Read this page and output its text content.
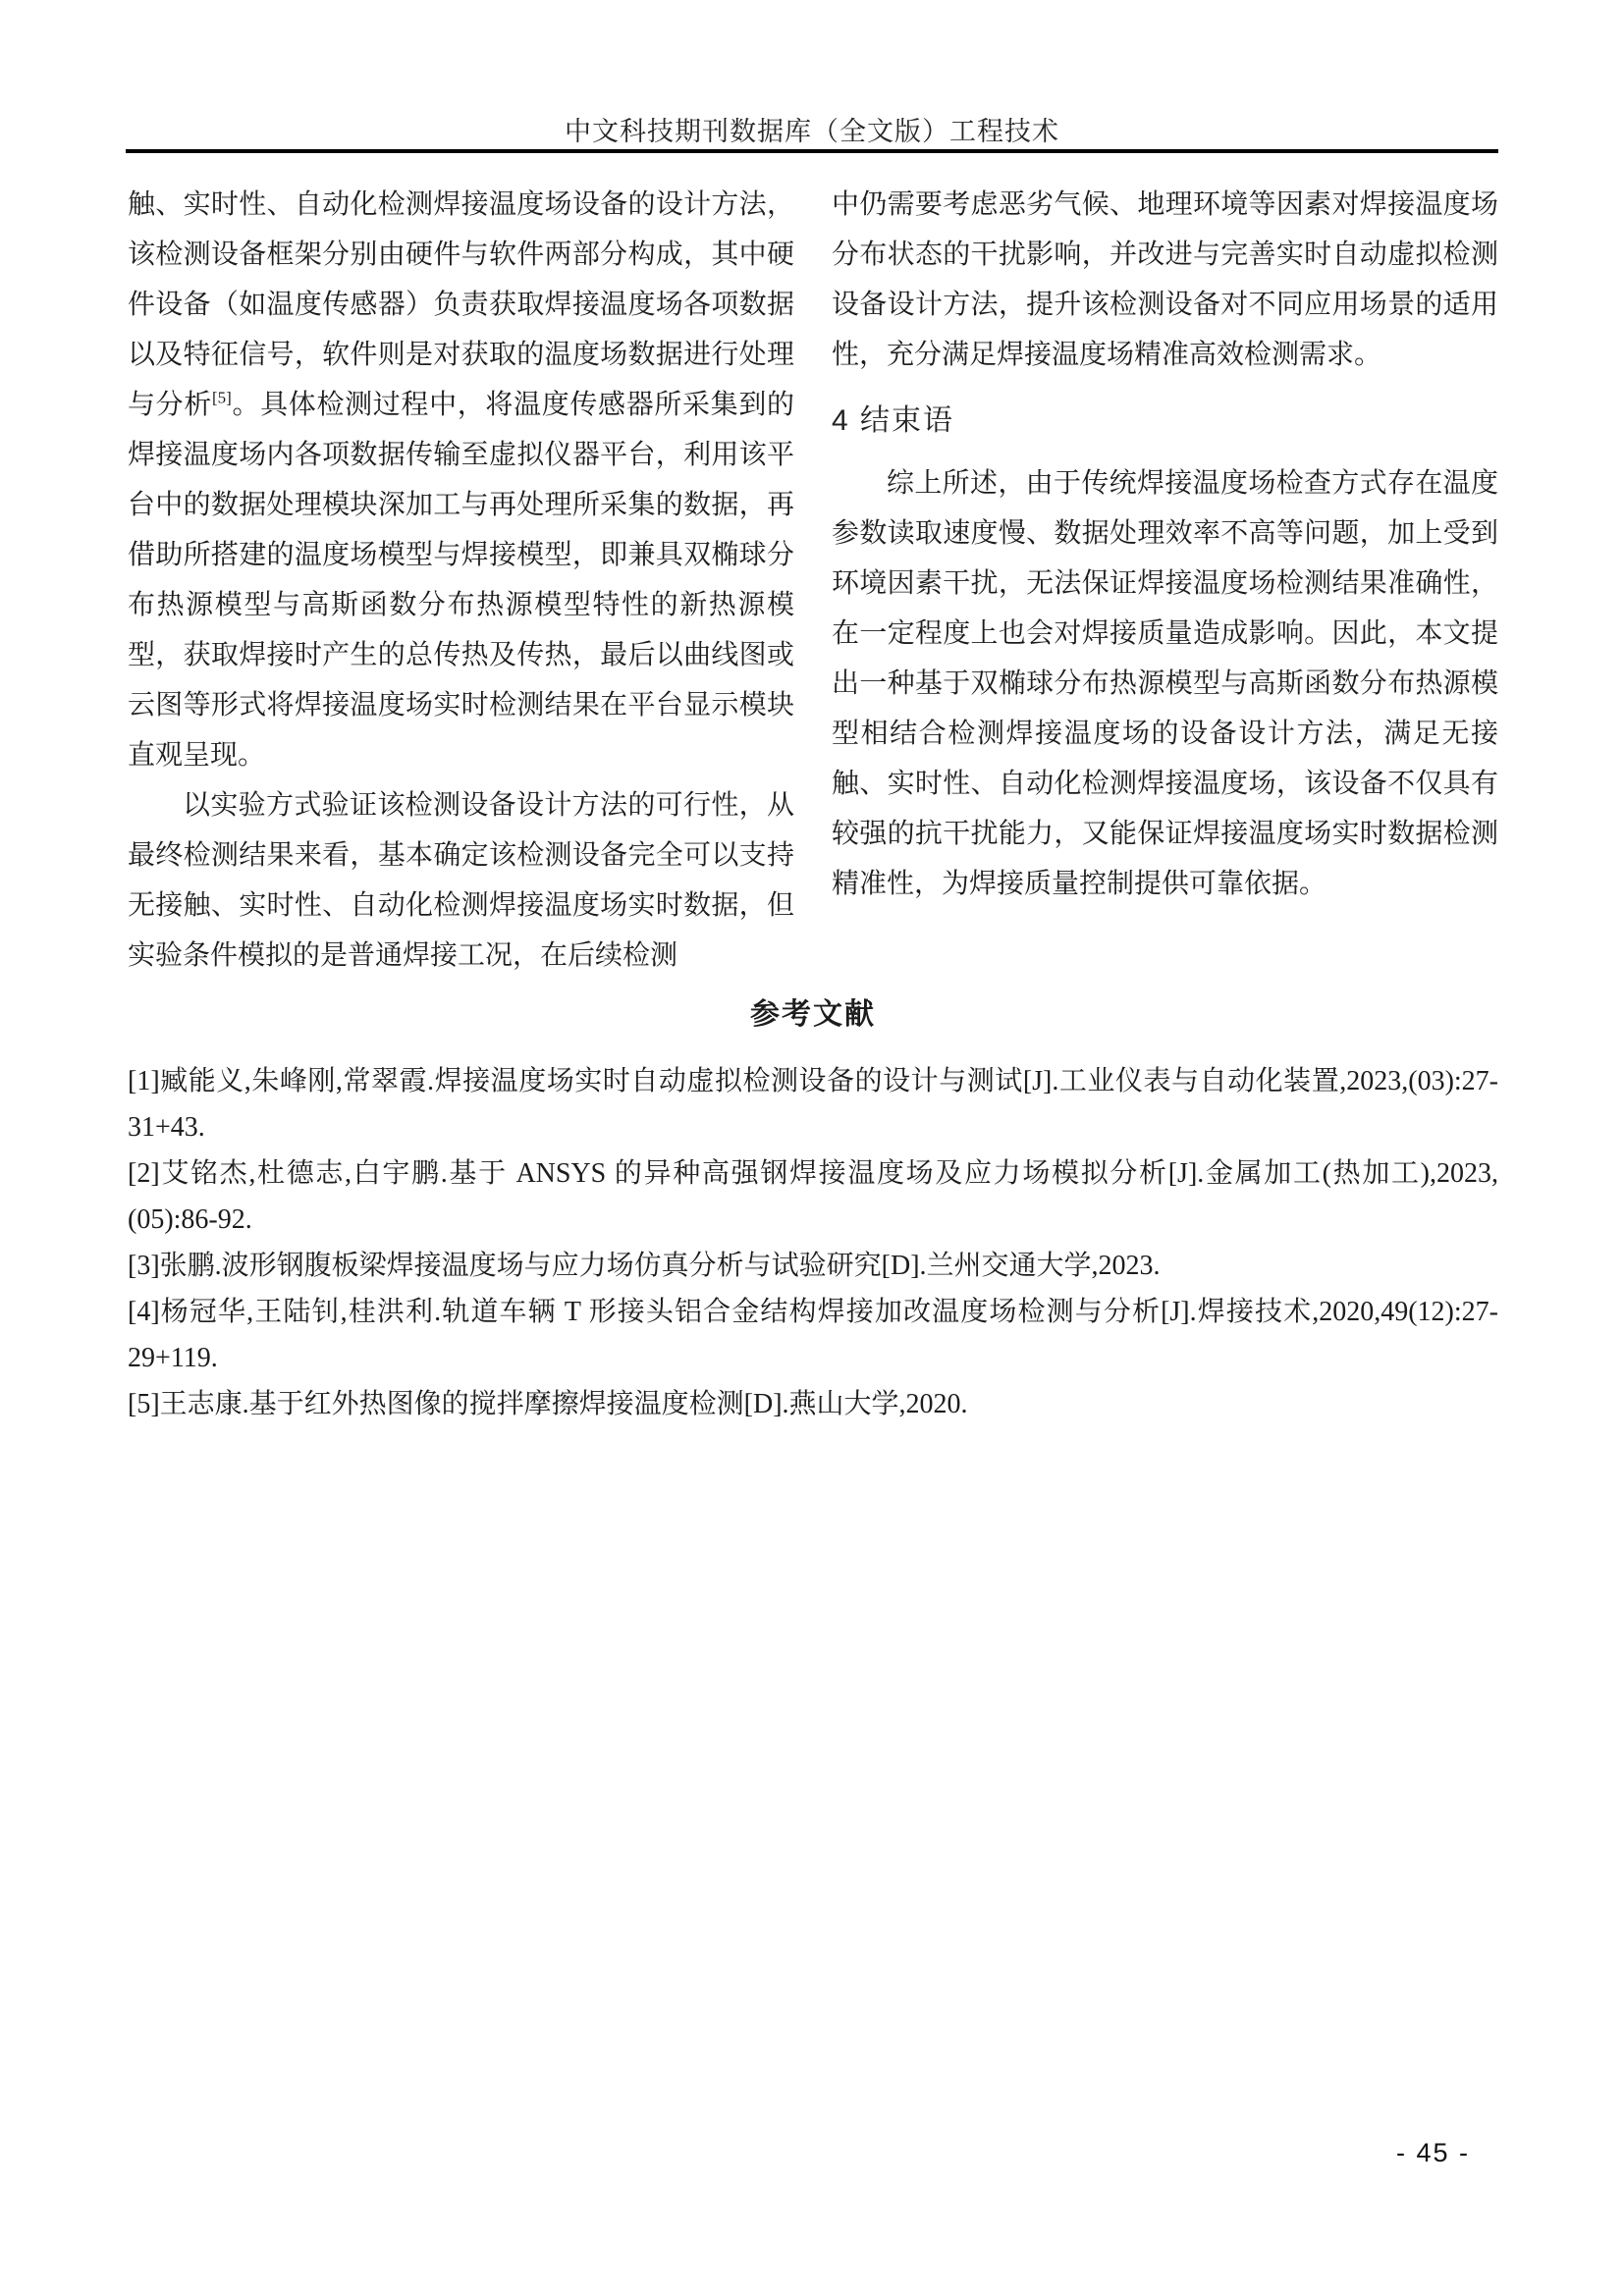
中文科技期刊数据库（全文版）工程技术

触、实时性、自动化检测焊接温度场设备的设计方法，该检测设备框架分别由硬件与软件两部分构成，其中硬件设备（如温度传感器）负责获取焊接温度场各项数据以及特征信号，软件则是对获取的温度场数据进行处理与分析[5]。具体检测过程中，将温度传感器所采集到的焊接温度场内各项数据传输至虚拟仪器平台，利用该平台中的数据处理模块深加工与再处理所采集的数据，再借助所搭建的温度场模型与焊接模型，即兼具双椭球分布热源模型与高斯函数分布热源模型特性的新热源模型，获取焊接时产生的总传热及传热，最后以曲线图或云图等形式将焊接温度场实时检测结果在平台显示模块直观呈现。

以实验方式验证该检测设备设计方法的可行性，从最终检测结果来看，基本确定该检测设备完全可以支持无接触、实时性、自动化检测焊接温度场实时数据，但实验条件模拟的是普通焊接工况，在后续检测

中仍需要考虑恶劣气候、地理环境等因素对焊接温度场分布状态的干扰影响，并改进与完善实时自动虚拟检测设备设计方法，提升该检测设备对不同应用场景的适用性，充分满足焊接温度场精准高效检测需求。

4 结束语

综上所述，由于传统焊接温度场检查方式存在温度参数读取速度慢、数据处理效率不高等问题，加上受到环境因素干扰，无法保证焊接温度场检测结果准确性，在一定程度上也会对焊接质量造成影响。因此，本文提出一种基于双椭球分布热源模型与高斯函数分布热源模型相结合检测焊接温度场的设备设计方法，满足无接触、实时性、自动化检测焊接温度场，该设备不仅具有较强的抗干扰能力，又能保证焊接温度场实时数据检测精准性，为焊接质量控制提供可靠依据。

参考文献
[1]臧能义,朱峰刚,常翠霞.焊接温度场实时自动虚拟检测设备的设计与测试[J].工业仪表与自动化装置,2023,(03):27-31+43.
[2]艾铭杰,杜德志,白宇鹏.基于 ANSYS 的异种高强钢焊接温度场及应力场模拟分析[J].金属加工(热加工),2023,(05):86-92.
[3]张鹏.波形钢腹板梁焊接温度场与应力场仿真分析与试验研究[D].兰州交通大学,2023.
[4]杨冠华,王陆钊,桂洪利.轨道车辆 T 形接头铝合金结构焊接加改温度场检测与分析[J].焊接技术,2020,49(12):27-29+119.
[5]王志康.基于红外热图像的搅拌摩擦焊接温度检测[D].燕山大学,2020.
- 45 -
